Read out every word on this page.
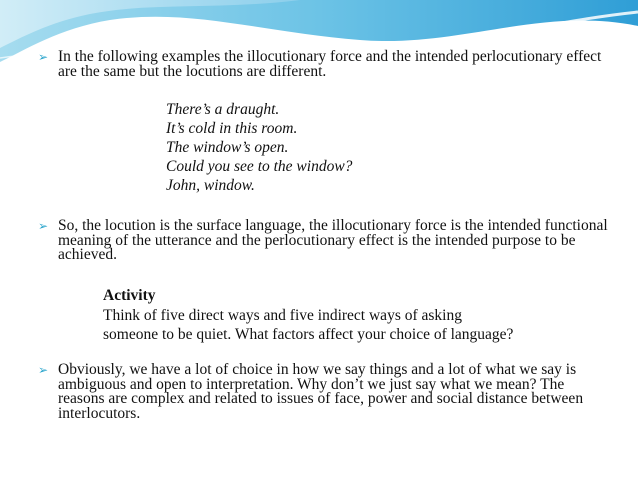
➢ In the following examples the illocutionary force and the intended perlocutionary effect are the same but the locutions are different.
There’s a draught.
It’s cold in this room.
The window’s open.
Could you see to the window?
John, window.
➢ So, the locution is the surface language, the illocutionary force is the intended functional meaning of the utterance and the perlocutionary effect is the intended purpose to be achieved.
Activity
Think of five direct ways and five indirect ways of asking
someone to be quiet. What factors affect your choice of language?
➢ Obviously, we have a lot of choice in how we say things and a lot of what we say is ambiguous and open to interpretation. Why don’t we just say what we mean? The reasons are complex and related to issues of face, power and social distance between interlocutors.
